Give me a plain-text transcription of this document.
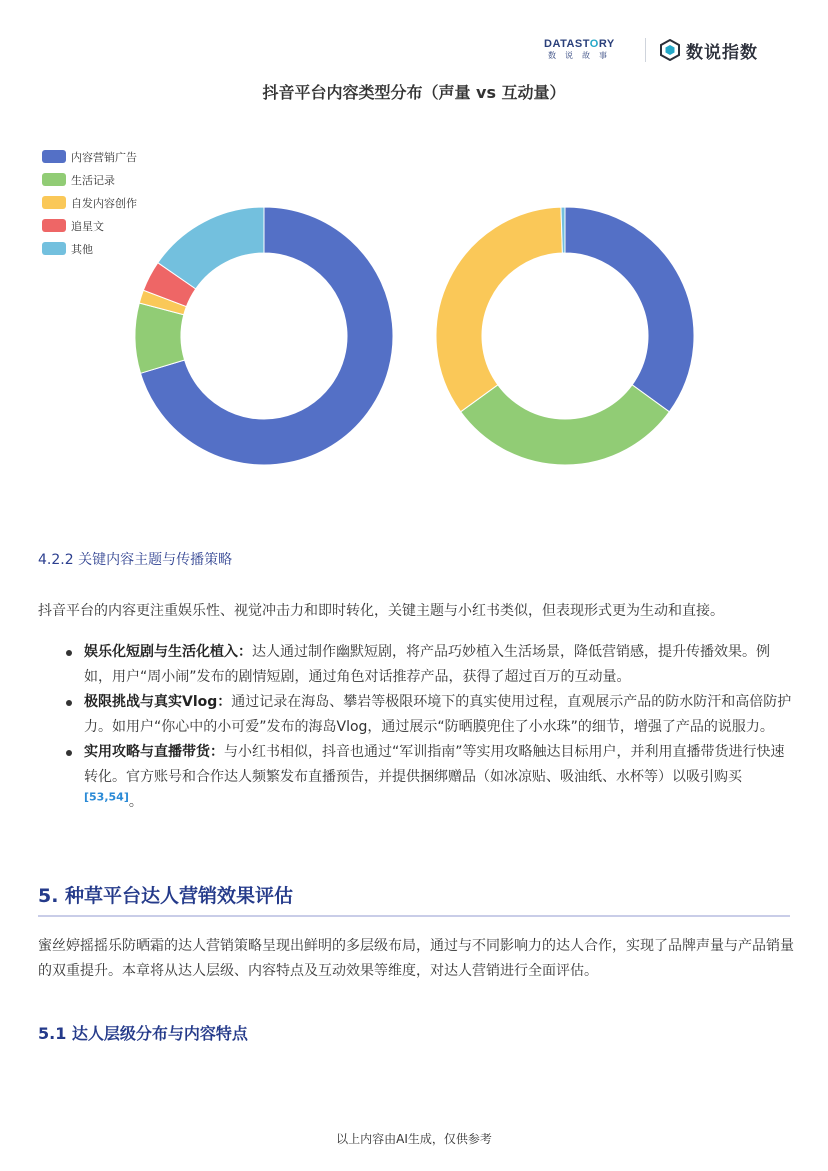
DATASTORY
数说故事	数说指数
抖音平台内容类型分布（声量 vs 互动量）
内容营销广告
生活记录
自发内容创作
追星文
其他
4.2.2 关键内容主题与传播策略
抖音平台的内容更注重娱乐性、视觉冲击力和即时转化，关键主题与小红书类似，但表现形式更为生动和直接。
娱乐化短剧与生活化植入：达人通过制作幽默短剧，将产品巧妙植入生活场景，降低营销感，提升传播效果。例如，用户“周小闹”发布的剧情短剧，通过角色对话推荐产品，获得了超过百万的互动量。
极限挑战与真实Vlog：通过记录在海岛、攀岩等极限环境下的真实使用过程，直观展示产品的防水防汗和高倍防护力。如用户“你心中的小可爱”发布的海岛Vlog，通过展示“防晒膜兜住了小水珠”的细节，增强了产品的说服力。
实用攻略与直播带货：与小红书相似，抖音也通过“军训指南”等实用攻略触达目标用户，并利用直播带货进行快速转化。官方账号和合作达人频繁发布直播预告，并提供捆绑赠品（如冰凉贴、吸油纸、水杯等）以吸引购买[53,54]。
5. 种草平台达人营销效果评估
蜜丝婷摇摇乐防晒霜的达人营销策略呈现出鲜明的多层级布局，通过与不同影响力的达人合作，实现了品牌声量与产品销量的双重提升。本章将从达人层级、内容特点及互动效果等维度，对达人营销进行全面评估。
5.1 达人层级分布与内容特点
以上内容由AI生成，仅供参考
